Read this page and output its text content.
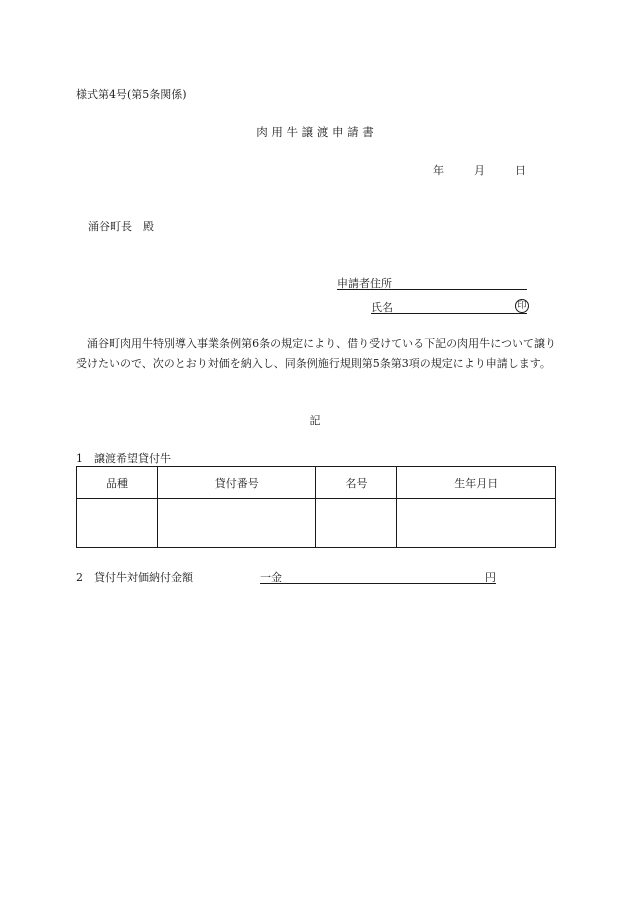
様式第4号(第5条関係)
肉 用 牛 譲 渡 申 請 書
年	月	日
涌谷町長　殿
申請者住所
氏名	印
涌谷町肉用牛特別導入事業条例第6条の規定により、借り受けている下記の肉用牛について譲り受けたいので、次のとおり対価を納入し、同条例施行規則第5条第3項の規定により申請します。
記
1　譲渡希望貸付牛
品種	貸付番号	名号	生年月日

2　貸付牛対価納付金額	一金	円
